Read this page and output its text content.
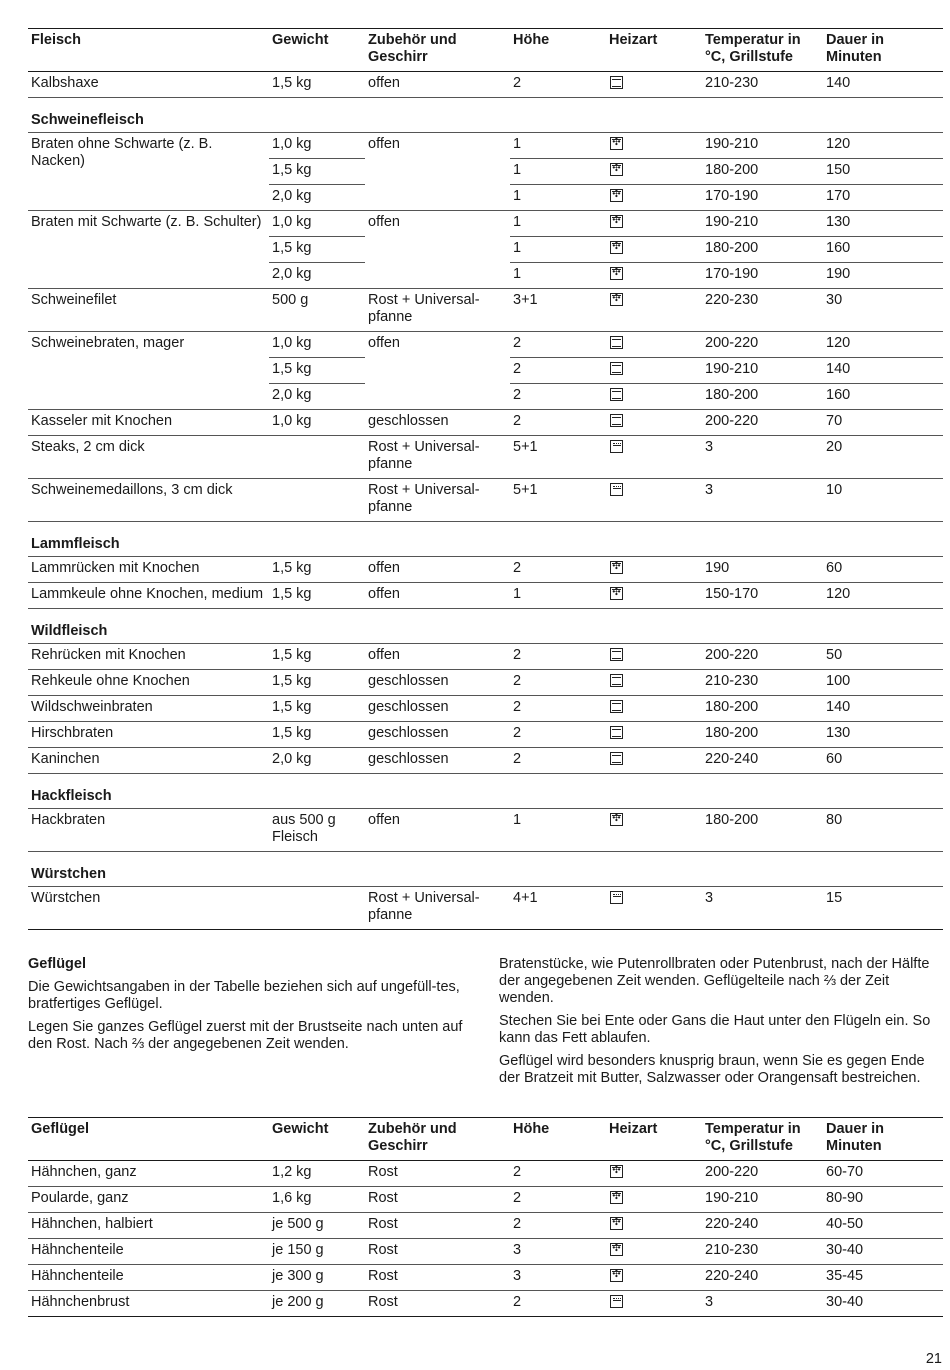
Fleisch	Gewicht	Zubehör und Geschirr	Höhe	Heizart	Temperatur in °C, Grillstufe	Dauer in Minuten
Kalbshaxe	1,5 kg	offen	2		210-230	140
Schweinefleisch						
Braten ohne Schwarte (z. B. Nacken)	1,0 kg	offen	1	✣	190-210	120
	1,5 kg		1	✣	180-200	150
	2,0 kg		1	✣	170-190	170
Braten mit Schwarte (z. B. Schulter)	1,0 kg	offen	1	✣	190-210	130
	1,5 kg		1	✣	180-200	160
	2,0 kg		1	✣	170-190	190
Schweinefilet	500 g	Rost + Universal-pfanne	3+1	✣	220-230	30
Schweinebraten, mager	1,0 kg	offen	2		200-220	120
	1,5 kg		2		190-210	140
	2,0 kg		2		180-200	160
Kasseler mit Knochen	1,0 kg	geschlossen	2		200-220	70
Steaks, 2 cm dick		Rost + Universal-pfanne	5+1		3	20
Schweinemedaillons, 3 cm dick		Rost + Universal-pfanne	5+1		3	10
Lammfleisch						
Lammrücken mit Knochen	1,5 kg	offen	2	✣	190	60
Lammkeule ohne Knochen, medium	1,5 kg	offen	1	✣	150-170	120
Wildfleisch						
Rehrücken mit Knochen	1,5 kg	offen	2		200-220	50
Rehkeule ohne Knochen	1,5 kg	geschlossen	2		210-230	100
Wildschweinbraten	1,5 kg	geschlossen	2		180-200	140
Hirschbraten	1,5 kg	geschlossen	2		180-200	130
Kaninchen	2,0 kg	geschlossen	2		220-240	60
Hackfleisch						
Hackbraten	aus 500 g Fleisch	offen	1	✣	180-200	80
Würstchen						
Würstchen		Rost + Universal-pfanne	4+1		3	15
Geflügel

Die Gewichtsangaben in der Tabelle beziehen sich auf ungefüll-tes, bratfertiges Geflügel.

Legen Sie ganzes Geflügel zuerst mit der Brustseite nach unten auf den Rost. Nach ⅔ der angegebenen Zeit wenden.

Bratenstücke, wie Putenrollbraten oder Putenbrust, nach der Hälfte der angegebenen Zeit wenden. Geflügelteile nach ⅔ der Zeit wenden.

Stechen Sie bei Ente oder Gans die Haut unter den Flügeln ein. So kann das Fett ablaufen.

Geflügel wird besonders knusprig braun, wenn Sie es gegen Ende der Bratzeit mit Butter, Salzwasser oder Orangensaft bestreichen.

Geflügel	Gewicht	Zubehör und Geschirr	Höhe	Heizart	Temperatur in °C, Grillstufe	Dauer in Minuten
Hähnchen, ganz	1,2 kg	Rost	2	✣	200-220	60-70
Poularde, ganz	1,6 kg	Rost	2	✣	190-210	80-90
Hähnchen, halbiert	je 500 g	Rost	2	✣	220-240	40-50
Hähnchenteile	je 150 g	Rost	3	✣	210-230	30-40
Hähnchenteile	je 300 g	Rost	3	✣	220-240	35-45
Hähnchenbrust	je 200 g	Rost	2		3	30-40
21
